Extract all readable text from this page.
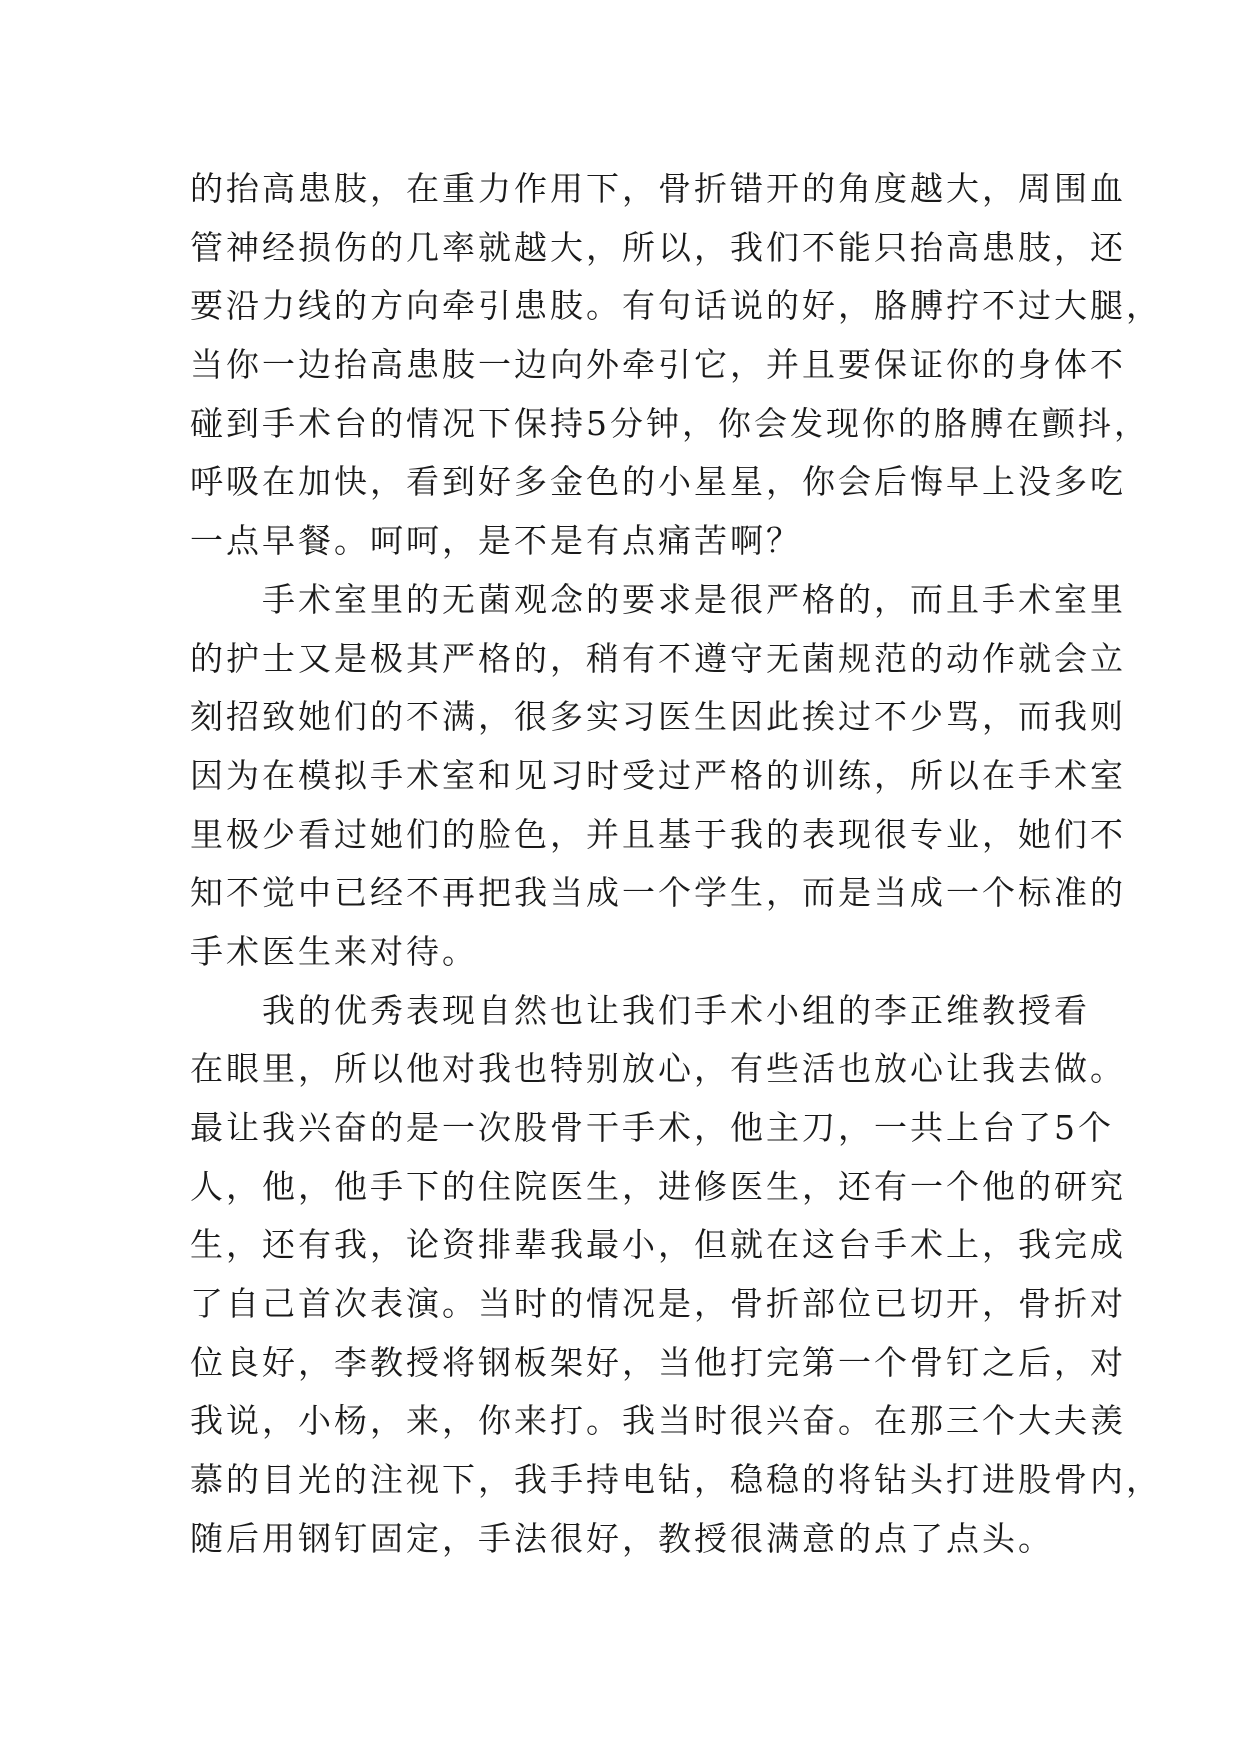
的抬高患肢，在重力作用下，骨折错开的角度越大，周围血
管神经损伤的几率就越大，所以，我们不能只抬高患肢，还
要沿力线的方向牵引患肢。有句话说的好，胳膊拧不过大腿，
当你一边抬高患肢一边向外牵引它，并且要保证你的身体不
碰到手术台的情况下保持5分钟，你会发现你的胳膊在颤抖，
呼吸在加快，看到好多金色的小星星，你会后悔早上没多吃
一点早餐。呵呵，是不是有点痛苦啊？
　　手术室里的无菌观念的要求是很严格的，而且手术室里
的护士又是极其严格的，稍有不遵守无菌规范的动作就会立
刻招致她们的不满，很多实习医生因此挨过不少骂，而我则
因为在模拟手术室和见习时受过严格的训练，所以在手术室
里极少看过她们的脸色，并且基于我的表现很专业，她们不
知不觉中已经不再把我当成一个学生，而是当成一个标准的
手术医生来对待。
　　我的优秀表现自然也让我们手术小组的李正维教授看
在眼里，所以他对我也特别放心，有些活也放心让我去做。
最让我兴奋的是一次股骨干手术，他主刀，一共上台了5个
人，他，他手下的住院医生，进修医生，还有一个他的研究
生，还有我，论资排辈我最小，但就在这台手术上，我完成
了自己首次表演。当时的情况是，骨折部位已切开，骨折对
位良好，李教授将钢板架好，当他打完第一个骨钉之后，对
我说，小杨，来，你来打。我当时很兴奋。在那三个大夫羡
慕的目光的注视下，我手持电钻，稳稳的将钻头打进股骨内，
随后用钢钉固定，手法很好，教授很满意的点了点头。
